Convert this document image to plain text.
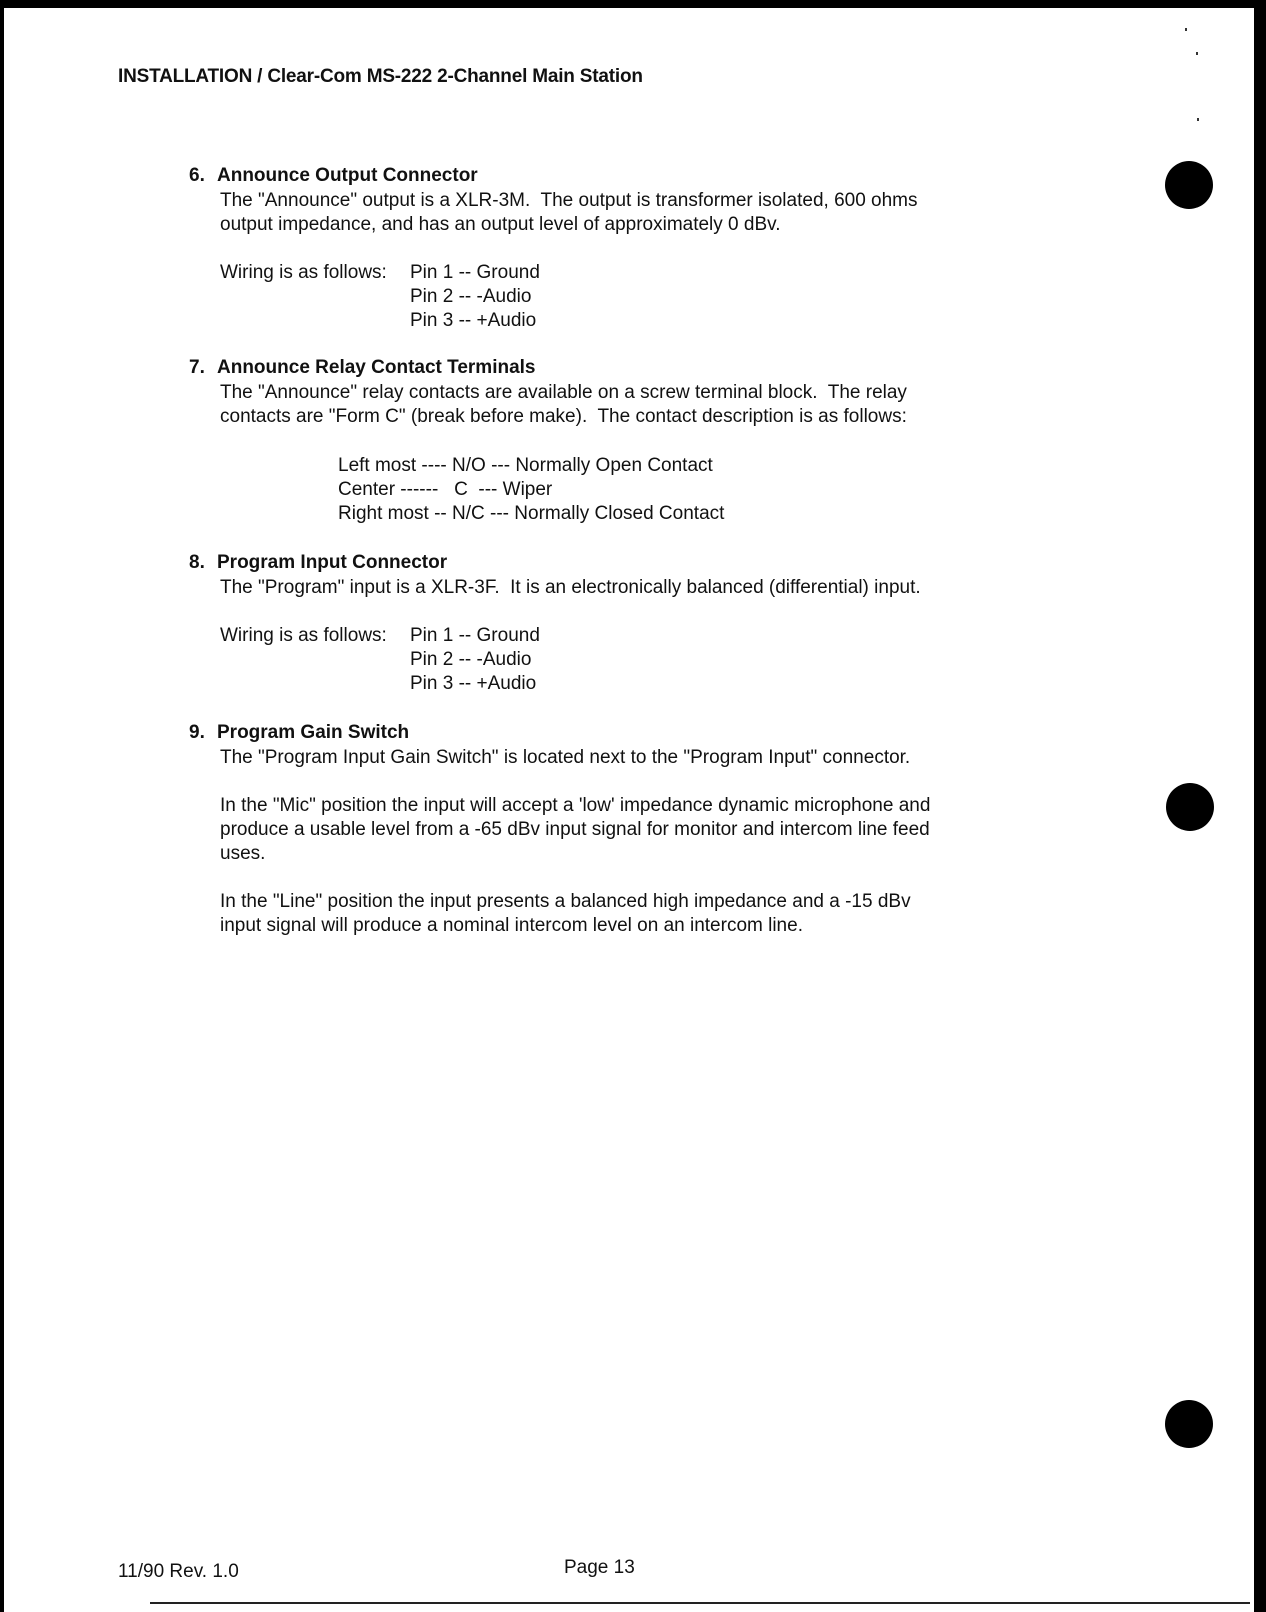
INSTALLATION / Clear-Com MS-222 2-Channel Main Station
6. Announce Output Connector
The "Announce" output is a XLR-3M.  The output is transformer isolated, 600 ohms
output impedance, and has an output level of approximately 0 dBv.
Wiring is as follows: Pin 1 -- Ground
Pin 2 -- -Audio
Pin 3 -- +Audio
7. Announce Relay Contact Terminals
The "Announce" relay contacts are available on a screw terminal block.  The relay
contacts are "Form C" (break before make).  The contact description is as follows:
Left most ---- N/O --- Normally Open Contact
Center ------   C  --- Wiper
Right most -- N/C --- Normally Closed Contact
8. Program Input Connector
The "Program" input is a XLR-3F.  It is an electronically balanced (differential) input.
Wiring is as follows: Pin 1 -- Ground
Pin 2 -- -Audio
Pin 3 -- +Audio
9. Program Gain Switch
The "Program Input Gain Switch" is located next to the "Program Input" connector.
In the "Mic" position the input will accept a 'low' impedance dynamic microphone and
produce a usable level from a -65 dBv input signal for monitor and intercom line feed
uses.
In the "Line" position the input presents a balanced high impedance and a -15 dBv
input signal will produce a nominal intercom level on an intercom line.
11/90 Rev. 1.0	Page 13
